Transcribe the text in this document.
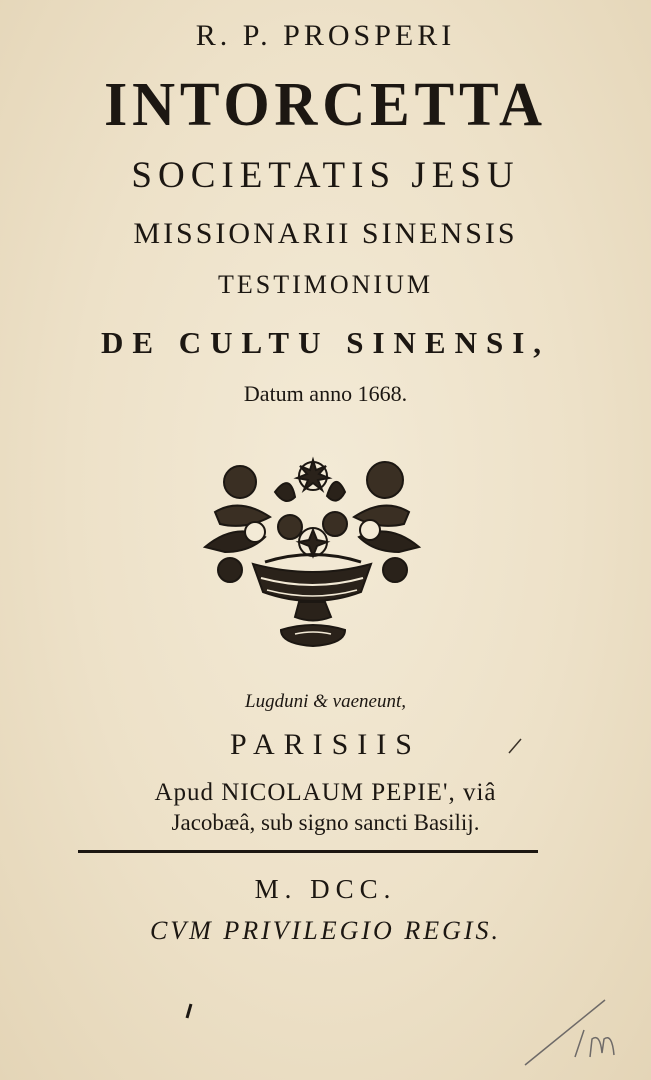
R. P. PROSPERI
INTORCETTA
SOCIETATIS JESU
MISSIONARII SINENSIS
TESTIMONIUM
DE CULTU SINENSI,
Datum anno 1668.
Lugduni & vaeneunt,
PARISIIS
Apud NICOLAUM PEPIE', viâ
Jacobæâ, sub signo sancti Basilij.
M. DCC.
CVM PRIVILEGIO REGIS.
